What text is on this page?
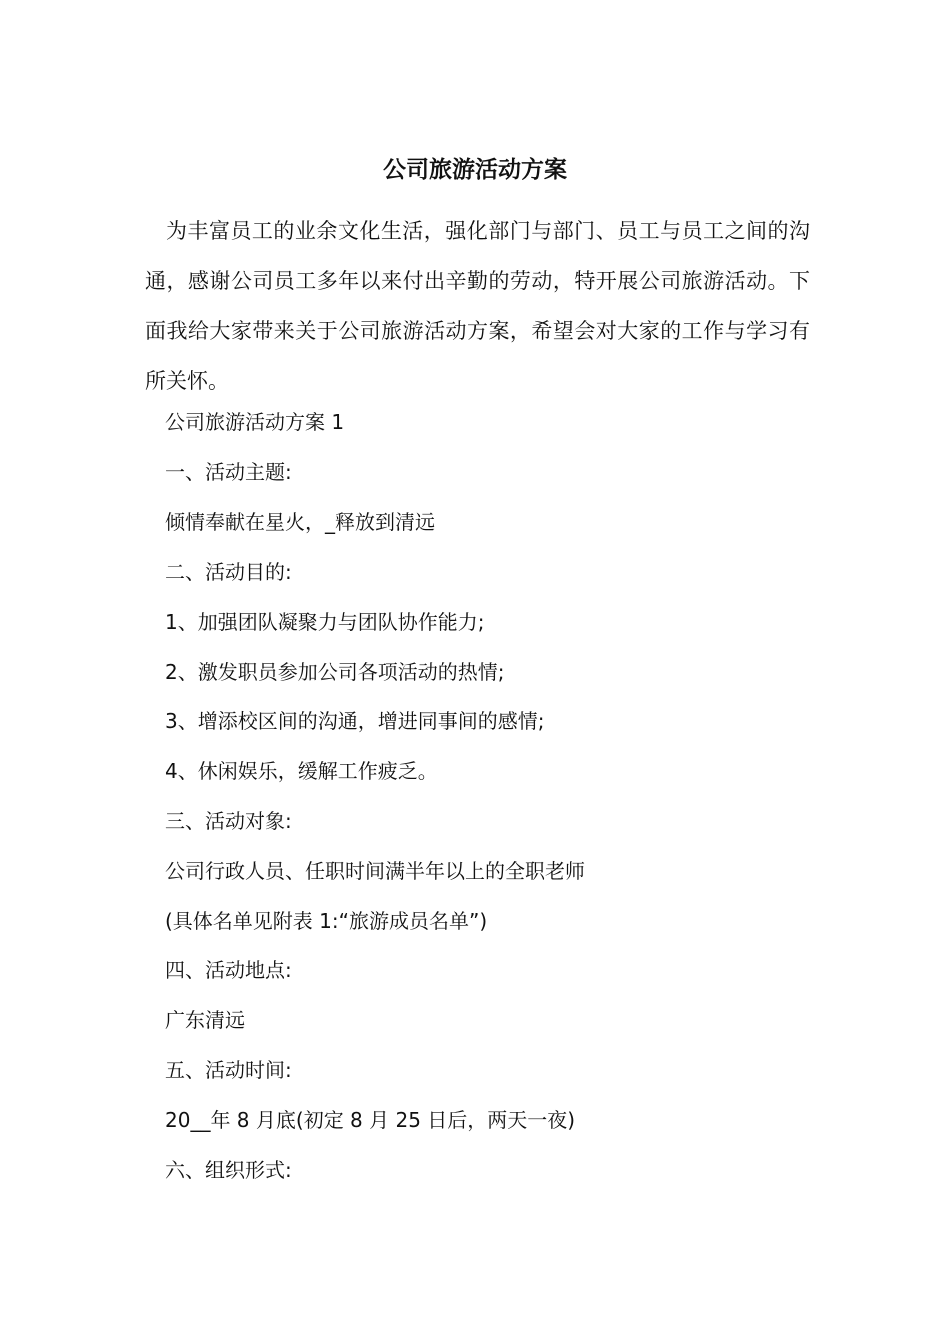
公司旅游活动方案

为丰富员工的业余文化生活，强化部门与部门、员工与员工之间的沟通，感谢公司员工多年以来付出辛勤的劳动，特开展公司旅游活动。下面我给大家带来关于公司旅游活动方案，希望会对大家的工作与学习有所关怀。

公司旅游活动方案 1

一、活动主题:

倾情奉献在星火，_释放到清远

二、活动目的:

1、加强团队凝聚力与团队协作能力;

2、激发职员参加公司各项活动的热情;

3、增添校区间的沟通，增进同事间的感情;

4、休闲娱乐，缓解工作疲乏。

三、活动对象:

公司行政人员、任职时间满半年以上的全职老师

(具体名单见附表 1:“旅游成员名单”)

四、活动地点:

广东清远

五、活动时间:

20__年 8 月底(初定 8 月 25 日后，两天一夜)

六、组织形式:
